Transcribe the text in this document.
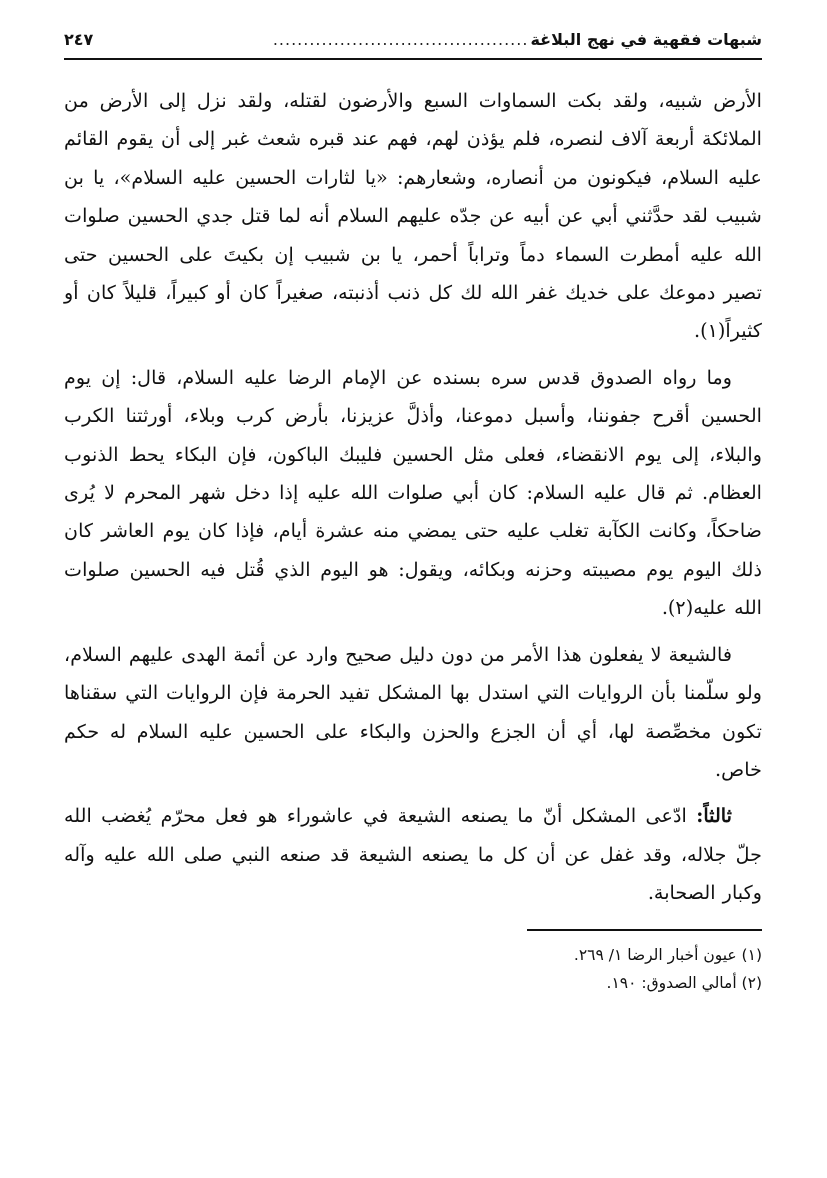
شبهات فقهية في نهج البلاغة
..........................................
٢٤٧

الأرض شبيه، ولقد بكت السماوات السبع والأرضون لقتله، ولقد نزل إلى الأرض من الملائكة أربعة آلاف لنصره، فلم يؤذن لهم، فهم عند قبره شعث غبر إلى أن يقوم القائم عليه السلام، فيكونون من أنصاره، وشعارهم: «يا لثارات الحسين عليه السلام»، يا بن شبيب لقد حدَّثني أبي عن أبيه عن جدّه عليهم السلام أنه لما قتل جدي الحسين صلوات الله عليه أمطرت السماء دماً وتراباً أحمر، يا بن شبيب إن بكيتَ على الحسين حتى تصير دموعك على خديك غفر الله لك كل ذنب أذنبته، صغيراً كان أو كبيراً، قليلاً كان أو كثيراً(١).

وما رواه الصدوق قدس سره بسنده عن الإمام الرضا عليه السلام، قال: إن يوم الحسين أقرح جفوننا، وأسبل دموعنا، وأذلَّ عزيزنا، بأرض كرب وبلاء، أورثتنا الكرب والبلاء، إلى يوم الانقضاء، فعلى مثل الحسين فليبك الباكون، فإن البكاء يحط الذنوب العظام. ثم قال عليه السلام: كان أبي صلوات الله عليه إذا دخل شهر المحرم لا يُرى ضاحكاً، وكانت الكآبة تغلب عليه حتى يمضي منه عشرة أيام، فإذا كان يوم العاشر كان ذلك اليوم يوم مصيبته وحزنه وبكائه، ويقول: هو اليوم الذي قُتل فيه الحسين صلوات الله عليه(٢).

فالشيعة لا يفعلون هذا الأمر من دون دليل صحيح وارد عن أئمة الهدى عليهم السلام، ولو سلّمنا بأن الروايات التي استدل بها المشكل تفيد الحرمة فإن الروايات التي سقناها تكون مخصِّصة لها، أي أن الجزع والحزن والبكاء على الحسين عليه السلام له حكم خاص.

ثالثاً: ادّعى المشكل أنّ ما يصنعه الشيعة في عاشوراء هو فعل محرّم يُغضب الله جلّ جلاله، وقد غفل عن أن كل ما يصنعه الشيعة قد صنعه النبي صلى الله عليه وآله وكبار الصحابة.

(١) عيون أخبار الرضا ١/ ٢٦٩.

(٢) أمالي الصدوق: ١٩٠.
